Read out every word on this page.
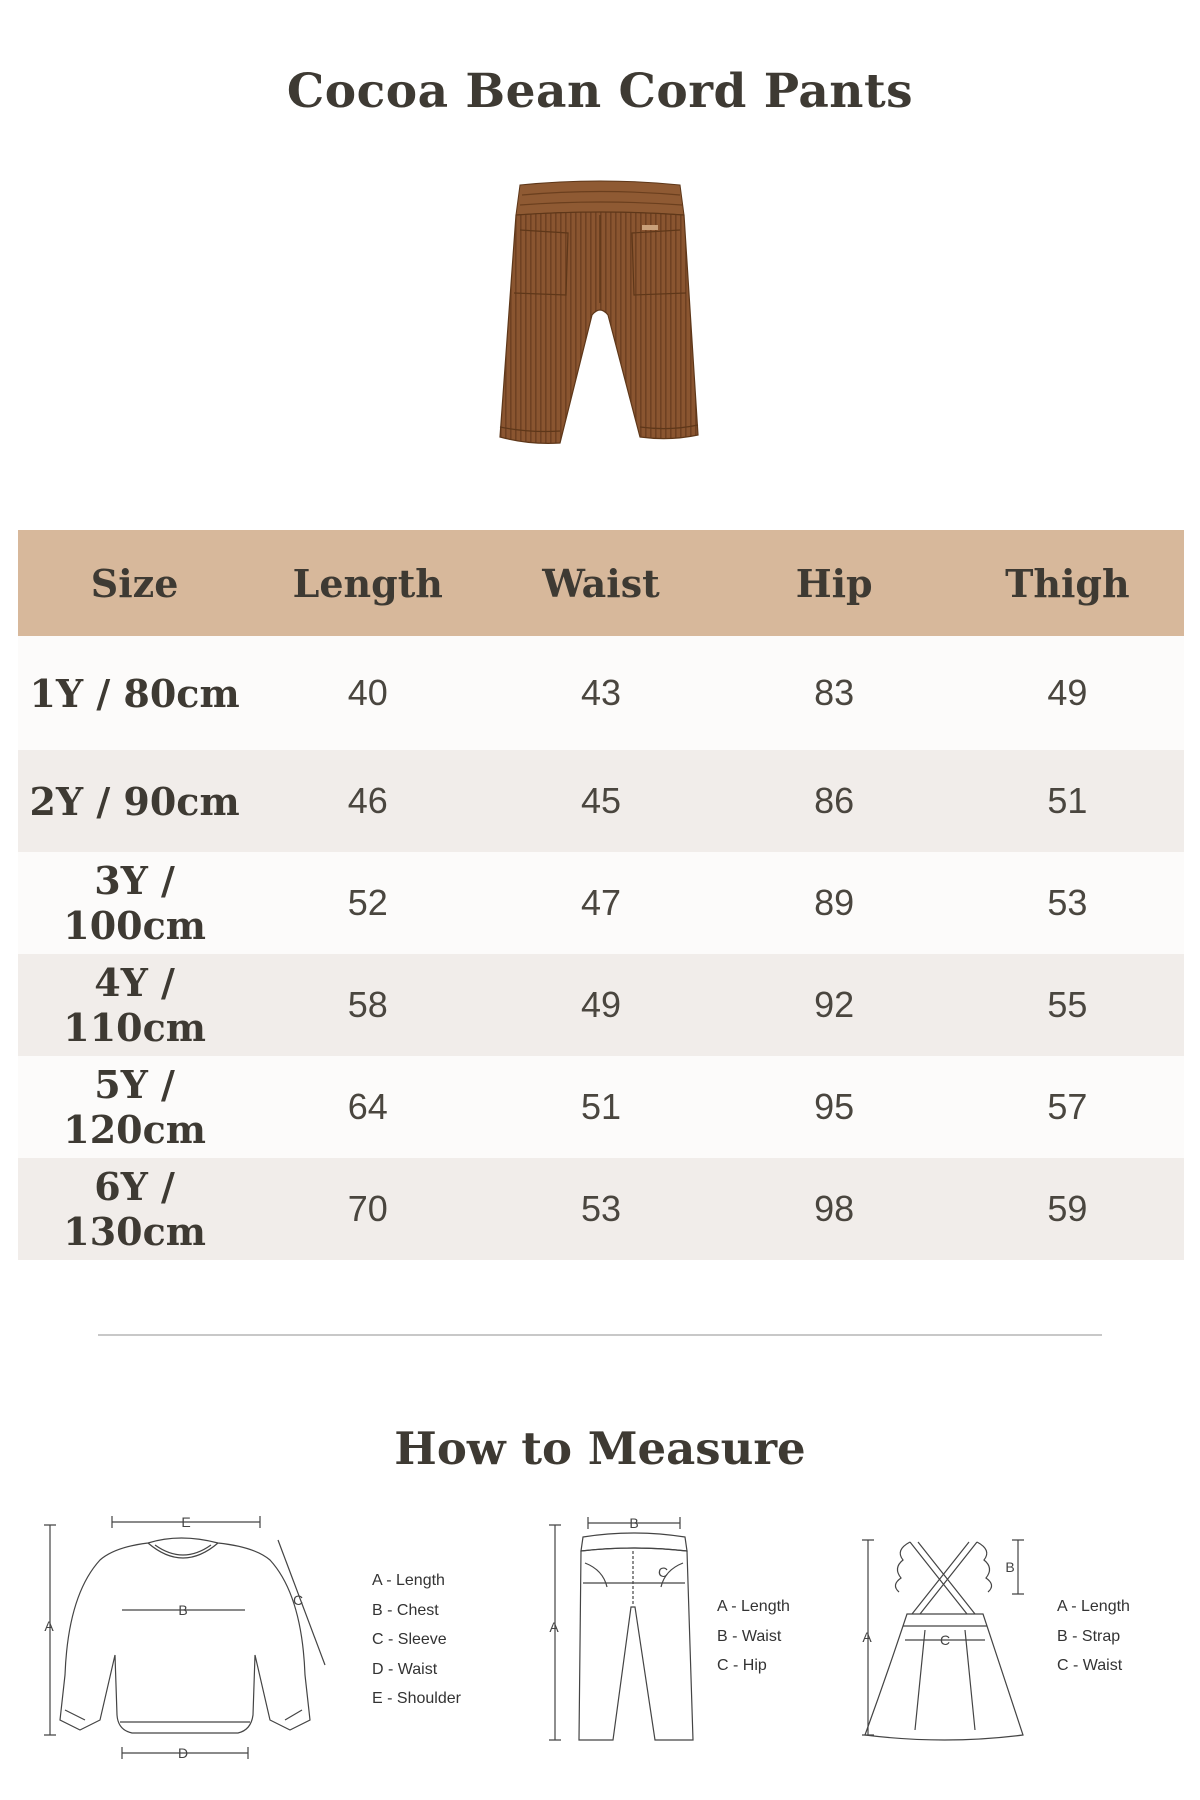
Cocoa Bean Cord Pants
Size	Length	Waist	Hip	Thigh
1Y / 80cm	40	43	83	49
2Y / 90cm	46	45	86	51
3Y / 100cm	52	47	89	53
4Y / 110cm	58	49	92	55
5Y / 120cm	64	51	95	57
6Y / 130cm	70	53	98	59
How to Measure
A
E
B
C
D
A - Length
B - Chest
C - Sleeve
D - Waist
E - Shoulder
A
B
C
A - Length
B - Waist
C - Hip
A
B
C
A - Length
B - Strap
C - Waist
